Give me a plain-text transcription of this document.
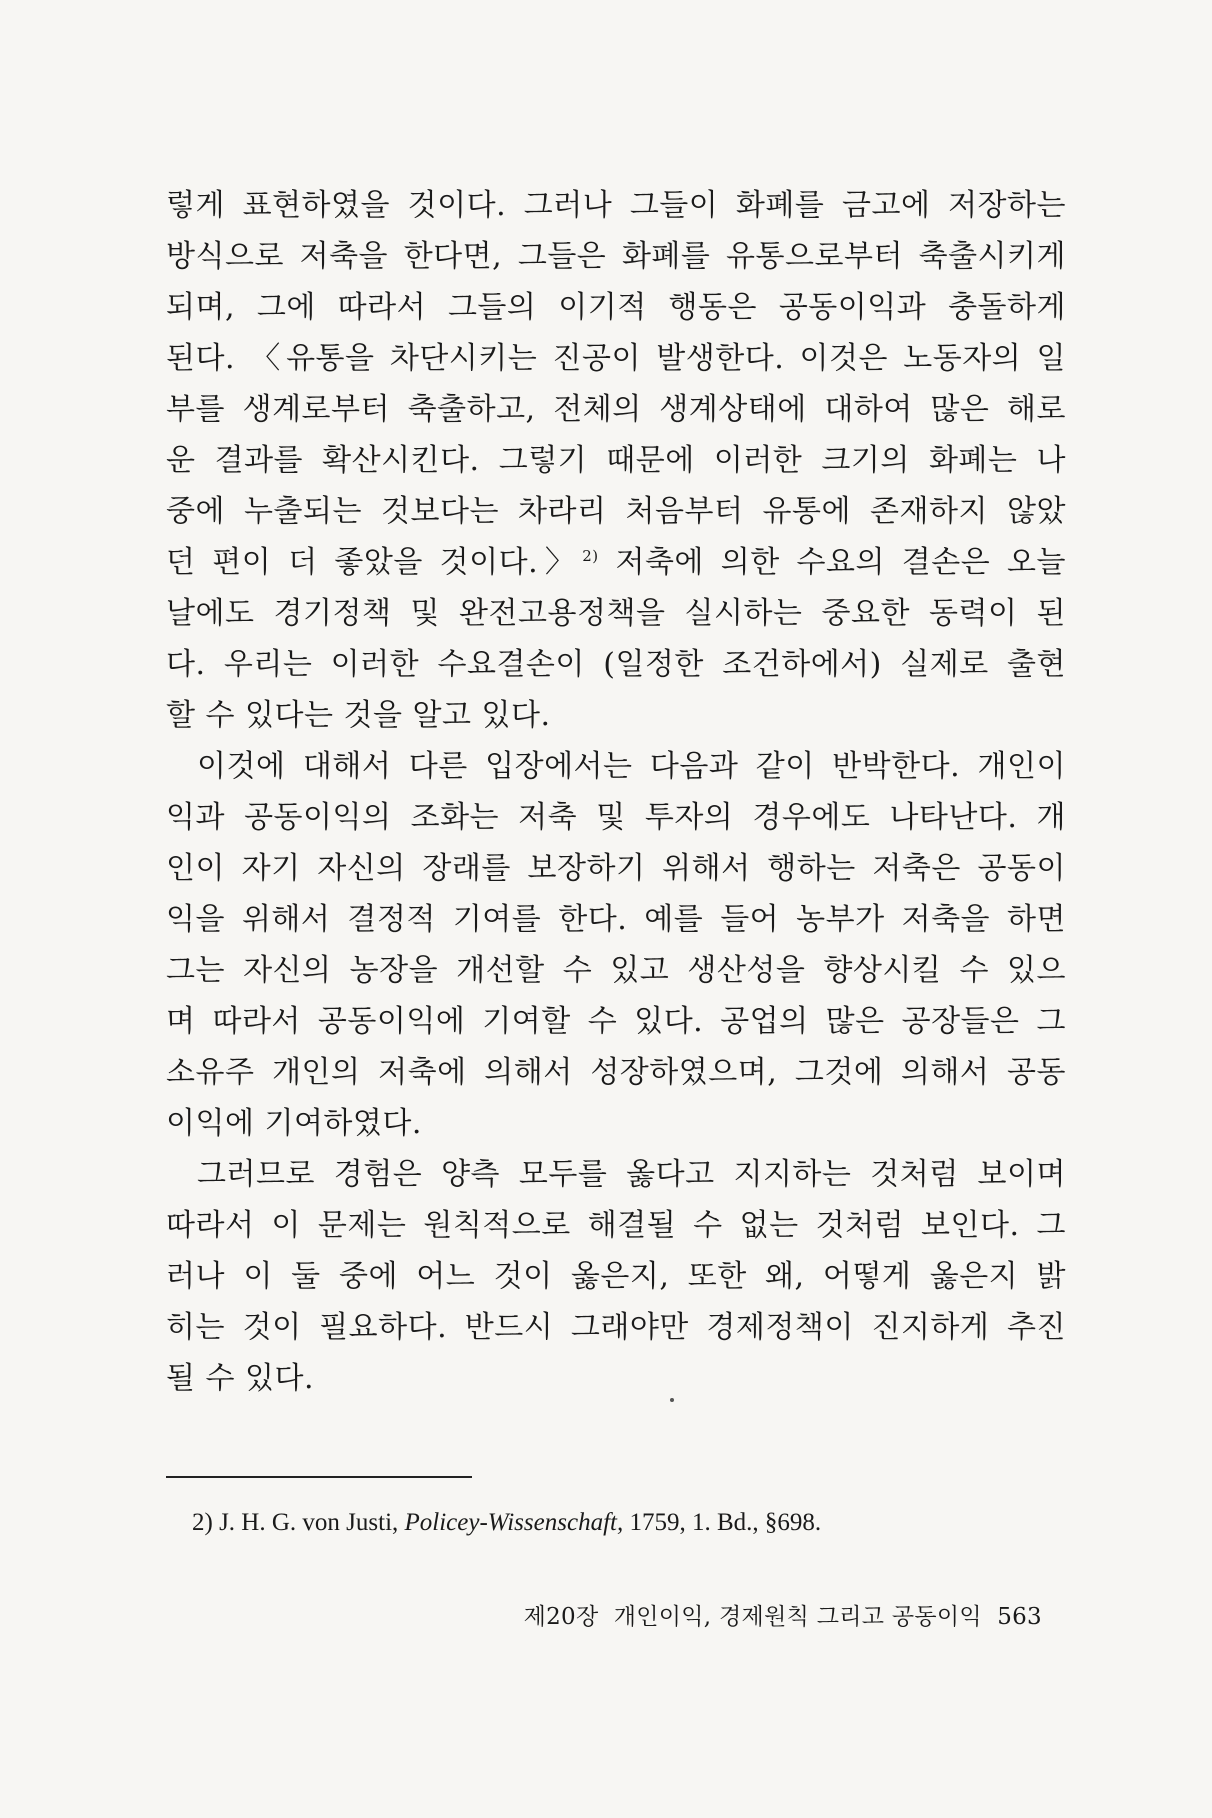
렇게 표현하였을 것이다. 그러나 그들이 화폐를 금고에 저장하는
방식으로 저축을 한다면, 그들은 화폐를 유통으로부터 축출시키게
되며, 그에 따라서 그들의 이기적 행동은 공동이익과 충돌하게
된다. 〈유통을 차단시키는 진공이 발생한다. 이것은 노동자의 일
부를 생계로부터 축출하고, 전체의 생계상태에 대하여 많은 해로
운 결과를 확산시킨다. 그렇기 때문에 이러한 크기의 화폐는 나
중에 누출되는 것보다는 차라리 처음부터 유통에 존재하지 않았
던 편이 더 좋았을 것이다.〉$^{2)}$ 저축에 의한 수요의 결손은 오늘
날에도 경기정책 및 완전고용정책을 실시하는 중요한 동력이 된
다. 우리는 이러한 수요결손이 (일정한 조건하에서) 실제로 출현
할 수 있다는 것을 알고 있다.
이것에 대해서 다른 입장에서는 다음과 같이 반박한다. 개인이
익과 공동이익의 조화는 저축 및 투자의 경우에도 나타난다. 개
인이 자기 자신의 장래를 보장하기 위해서 행하는 저축은 공동이
익을 위해서 결정적 기여를 한다. 예를 들어 농부가 저축을 하면
그는 자신의 농장을 개선할 수 있고 생산성을 향상시킬 수 있으
며 따라서 공동이익에 기여할 수 있다. 공업의 많은 공장들은 그
소유주 개인의 저축에 의해서 성장하였으며, 그것에 의해서 공동
이익에 기여하였다.
그러므로 경험은 양측 모두를 옳다고 지지하는 것처럼 보이며
따라서 이 문제는 원칙적으로 해결될 수 없는 것처럼 보인다. 그
러나 이 둘 중에 어느 것이 옳은지, 또한 왜, 어떻게 옳은지 밝
히는 것이 필요하다. 반드시 그래야만 경제정책이 진지하게 추진
될 수 있다.
2) J. H. G. von Justi, Policey-Wissenschaft, 1759, 1. Bd., §698.
제20장 개인이익, 경제원칙 그리고 공동이익 563
